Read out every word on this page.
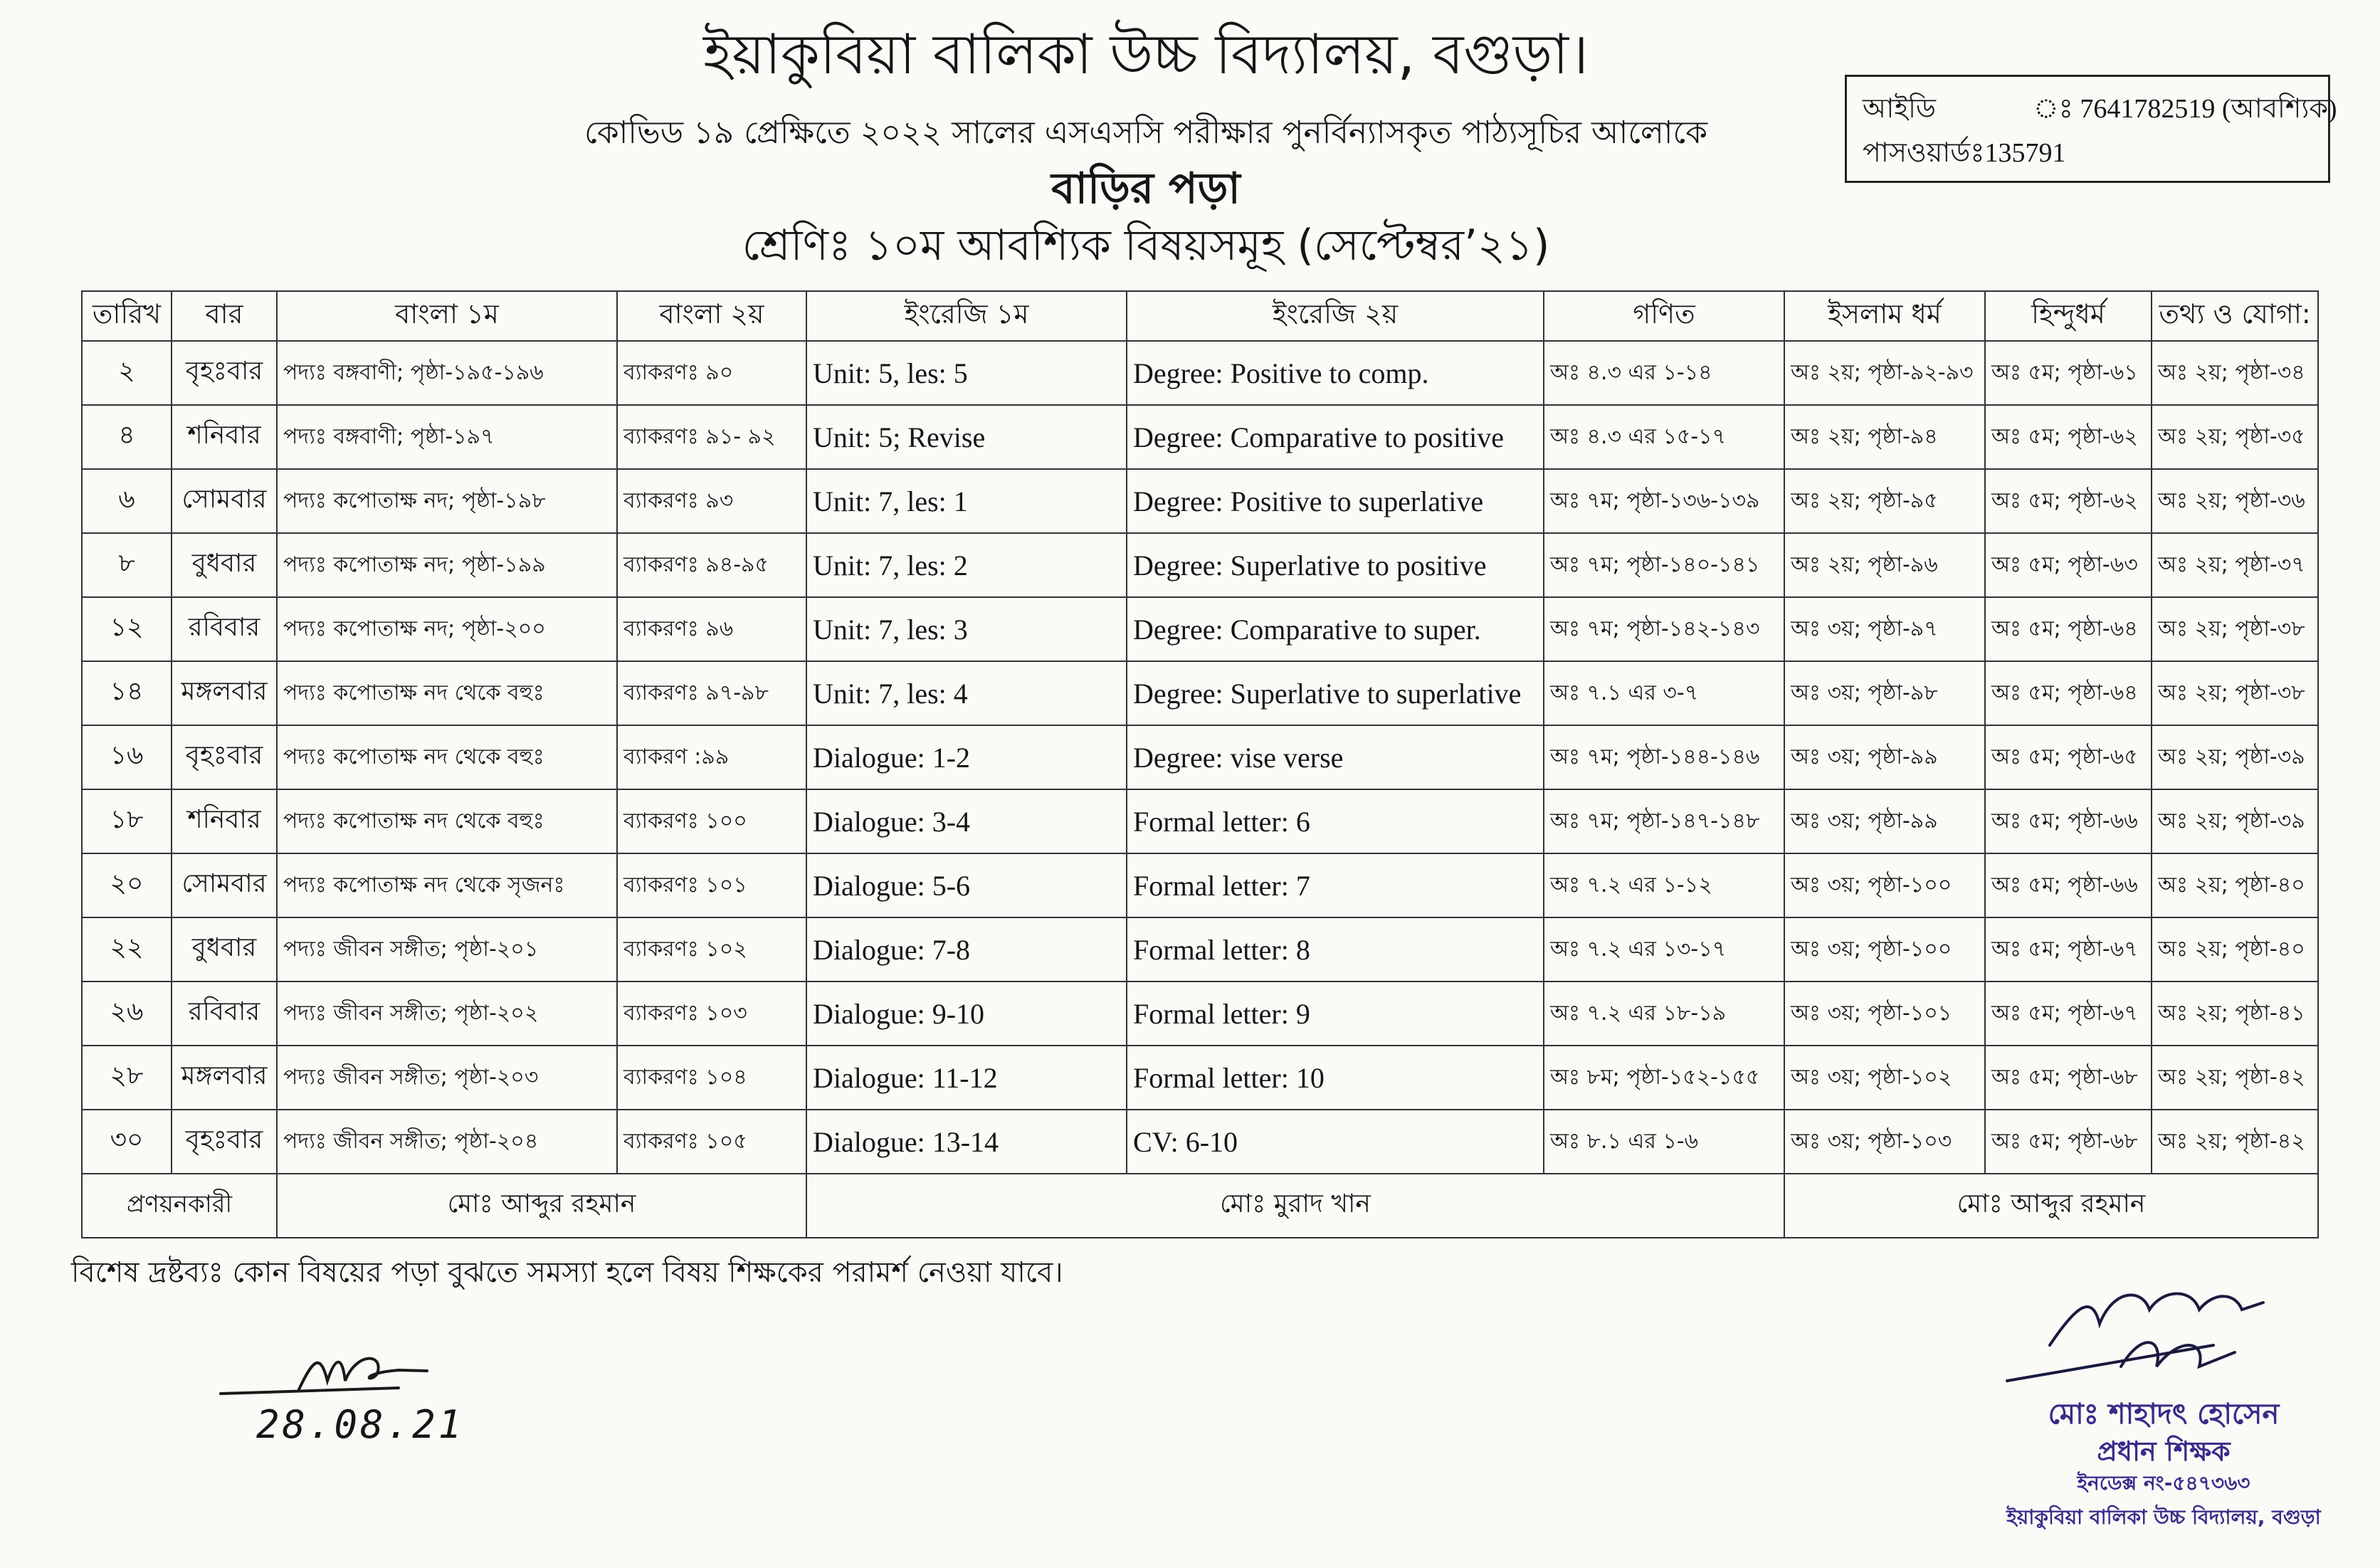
ইয়াকুবিয়া বালিকা উচ্চ বিদ্যালয়, বগুড়া।

কোভিড ১৯ প্রেক্ষিতে ২০২২ সালের এসএসসি পরীক্ষার পুনর্বিন্যাসকৃত পাঠ্যসূচির আলোকে

বাড়ির পড়া

শ্রেণিঃ ১০ম আবশ্যিক বিষয়সমূহ (সেপ্টেম্বর’২১)

আইডি	ঃ 7641782519 (আবশ্যিক)
পাসওয়ার্ডঃ135791
তারিখ	বার	বাংলা ১ম	বাংলা ২য়	ইংরেজি ১ম	ইংরেজি ২য়	গণিত	ইসলাম ধর্ম	হিন্দুধর্ম	তথ্য ও যোগা:
২	বৃহঃবার	পদ্যঃ বঙ্গবাণী; পৃষ্ঠা-১৯৫-১৯৬	ব্যাকরণঃ ৯০	Unit: 5, les: 5	Degree: Positive to comp.	অঃ ৪.৩ এর ১-১৪	অঃ ২য়; পৃষ্ঠা-৯২-৯৩	অঃ ৫ম; পৃষ্ঠা-৬১	অঃ ২য়; পৃষ্ঠা-৩৪
৪	শনিবার	পদ্যঃ বঙ্গবাণী; পৃষ্ঠা-১৯৭	ব্যাকরণঃ ৯১- ৯২	Unit: 5; Revise	Degree: Comparative to positive	অঃ ৪.৩ এর ১৫-১৭	অঃ ২য়; পৃষ্ঠা-৯৪	অঃ ৫ম; পৃষ্ঠা-৬২	অঃ ২য়; পৃষ্ঠা-৩৫
৬	সোমবার	পদ্যঃ কপোতাক্ষ নদ; পৃষ্ঠা-১৯৮	ব্যাকরণঃ ৯৩	Unit: 7, les: 1	Degree: Positive to superlative	অঃ ৭ম; পৃষ্ঠা-১৩৬-১৩৯	অঃ ২য়; পৃষ্ঠা-৯৫	অঃ ৫ম; পৃষ্ঠা-৬২	অঃ ২য়; পৃষ্ঠা-৩৬
৮	বুধবার	পদ্যঃ কপোতাক্ষ নদ; পৃষ্ঠা-১৯৯	ব্যাকরণঃ ৯৪-৯৫	Unit: 7, les: 2	Degree: Superlative to positive	অঃ ৭ম; পৃষ্ঠা-১৪০-১৪১	অঃ ২য়; পৃষ্ঠা-৯৬	অঃ ৫ম; পৃষ্ঠা-৬৩	অঃ ২য়; পৃষ্ঠা-৩৭
১২	রবিবার	পদ্যঃ কপোতাক্ষ নদ; পৃষ্ঠা-২০০	ব্যাকরণঃ ৯৬	Unit: 7, les: 3	Degree: Comparative to super.	অঃ ৭ম; পৃষ্ঠা-১৪২-১৪৩	অঃ ৩য়; পৃষ্ঠা-৯৭	অঃ ৫ম; পৃষ্ঠা-৬৪	অঃ ২য়; পৃষ্ঠা-৩৮
১৪	মঙ্গলবার	পদ্যঃ কপোতাক্ষ নদ থেকে বহুঃ	ব্যাকরণঃ ৯৭-৯৮	Unit: 7, les: 4	Degree: Superlative to superlative	অঃ ৭.১ এর ৩-৭	অঃ ৩য়; পৃষ্ঠা-৯৮	অঃ ৫ম; পৃষ্ঠা-৬৪	অঃ ২য়; পৃষ্ঠা-৩৮
১৬	বৃহঃবার	পদ্যঃ কপোতাক্ষ নদ থেকে বহুঃ	ব্যাকরণ :৯৯	Dialogue: 1-2	Degree: vise verse	অঃ ৭ম; পৃষ্ঠা-১৪৪-১৪৬	অঃ ৩য়; পৃষ্ঠা-৯৯	অঃ ৫ম; পৃষ্ঠা-৬৫	অঃ ২য়; পৃষ্ঠা-৩৯
১৮	শনিবার	পদ্যঃ কপোতাক্ষ নদ থেকে বহুঃ	ব্যাকরণঃ ১০০	Dialogue: 3-4	Formal letter: 6	অঃ ৭ম; পৃষ্ঠা-১৪৭-১৪৮	অঃ ৩য়; পৃষ্ঠা-৯৯	অঃ ৫ম; পৃষ্ঠা-৬৬	অঃ ২য়; পৃষ্ঠা-৩৯
২০	সোমবার	পদ্যঃ কপোতাক্ষ নদ থেকে সৃজনঃ	ব্যাকরণঃ ১০১	Dialogue: 5-6	Formal letter: 7	অঃ ৭.২ এর ১-১২	অঃ ৩য়; পৃষ্ঠা-১০০	অঃ ৫ম; পৃষ্ঠা-৬৬	অঃ ২য়; পৃষ্ঠা-৪০
২২	বুধবার	পদ্যঃ জীবন সঙ্গীত; পৃষ্ঠা-২০১	ব্যাকরণঃ ১০২	Dialogue: 7-8	Formal letter: 8	অঃ ৭.২ এর ১৩-১৭	অঃ ৩য়; পৃষ্ঠা-১০০	অঃ ৫ম; পৃষ্ঠা-৬৭	অঃ ২য়; পৃষ্ঠা-৪০
২৬	রবিবার	পদ্যঃ জীবন সঙ্গীত; পৃষ্ঠা-২০২	ব্যাকরণঃ ১০৩	Dialogue: 9-10	Formal letter: 9	অঃ ৭.২ এর ১৮-১৯	অঃ ৩য়; পৃষ্ঠা-১০১	অঃ ৫ম; পৃষ্ঠা-৬৭	অঃ ২য়; পৃষ্ঠা-৪১
২৮	মঙ্গলবার	পদ্যঃ জীবন সঙ্গীত; পৃষ্ঠা-২০৩	ব্যাকরণঃ ১০৪	Dialogue: 11-12	Formal letter: 10	অঃ ৮ম; পৃষ্ঠা-১৫২-১৫৫	অঃ ৩য়; পৃষ্ঠা-১০২	অঃ ৫ম; পৃষ্ঠা-৬৮	অঃ ২য়; পৃষ্ঠা-৪২
৩০	বৃহঃবার	পদ্যঃ জীবন সঙ্গীত; পৃষ্ঠা-২০৪	ব্যাকরণঃ ১০৫	Dialogue: 13-14	CV: 6-10	অঃ ৮.১ এর ১-৬	অঃ ৩য়; পৃষ্ঠা-১০৩	অঃ ৫ম; পৃষ্ঠা-৬৮	অঃ ২য়; পৃষ্ঠা-৪২
প্রণয়নকারী		মোঃ আব্দুর রহমান		মোঃ মুরাদ খান			মোঃ আব্দুর রহমান		

বিশেষ দ্রষ্টব্যঃ কোন বিষয়ের পড়া বুঝতে সমস্যা হলে বিষয় শিক্ষকের পরামর্শ নেওয়া যাবে।

28.08.21	মোঃ শাহাদৎ হোসেন

প্রধান শিক্ষক

ইনডেক্স নং-৫৪৭৩৬৩

ইয়াকুবিয়া বালিকা উচ্চ বিদ্যালয়, বগুড়া
